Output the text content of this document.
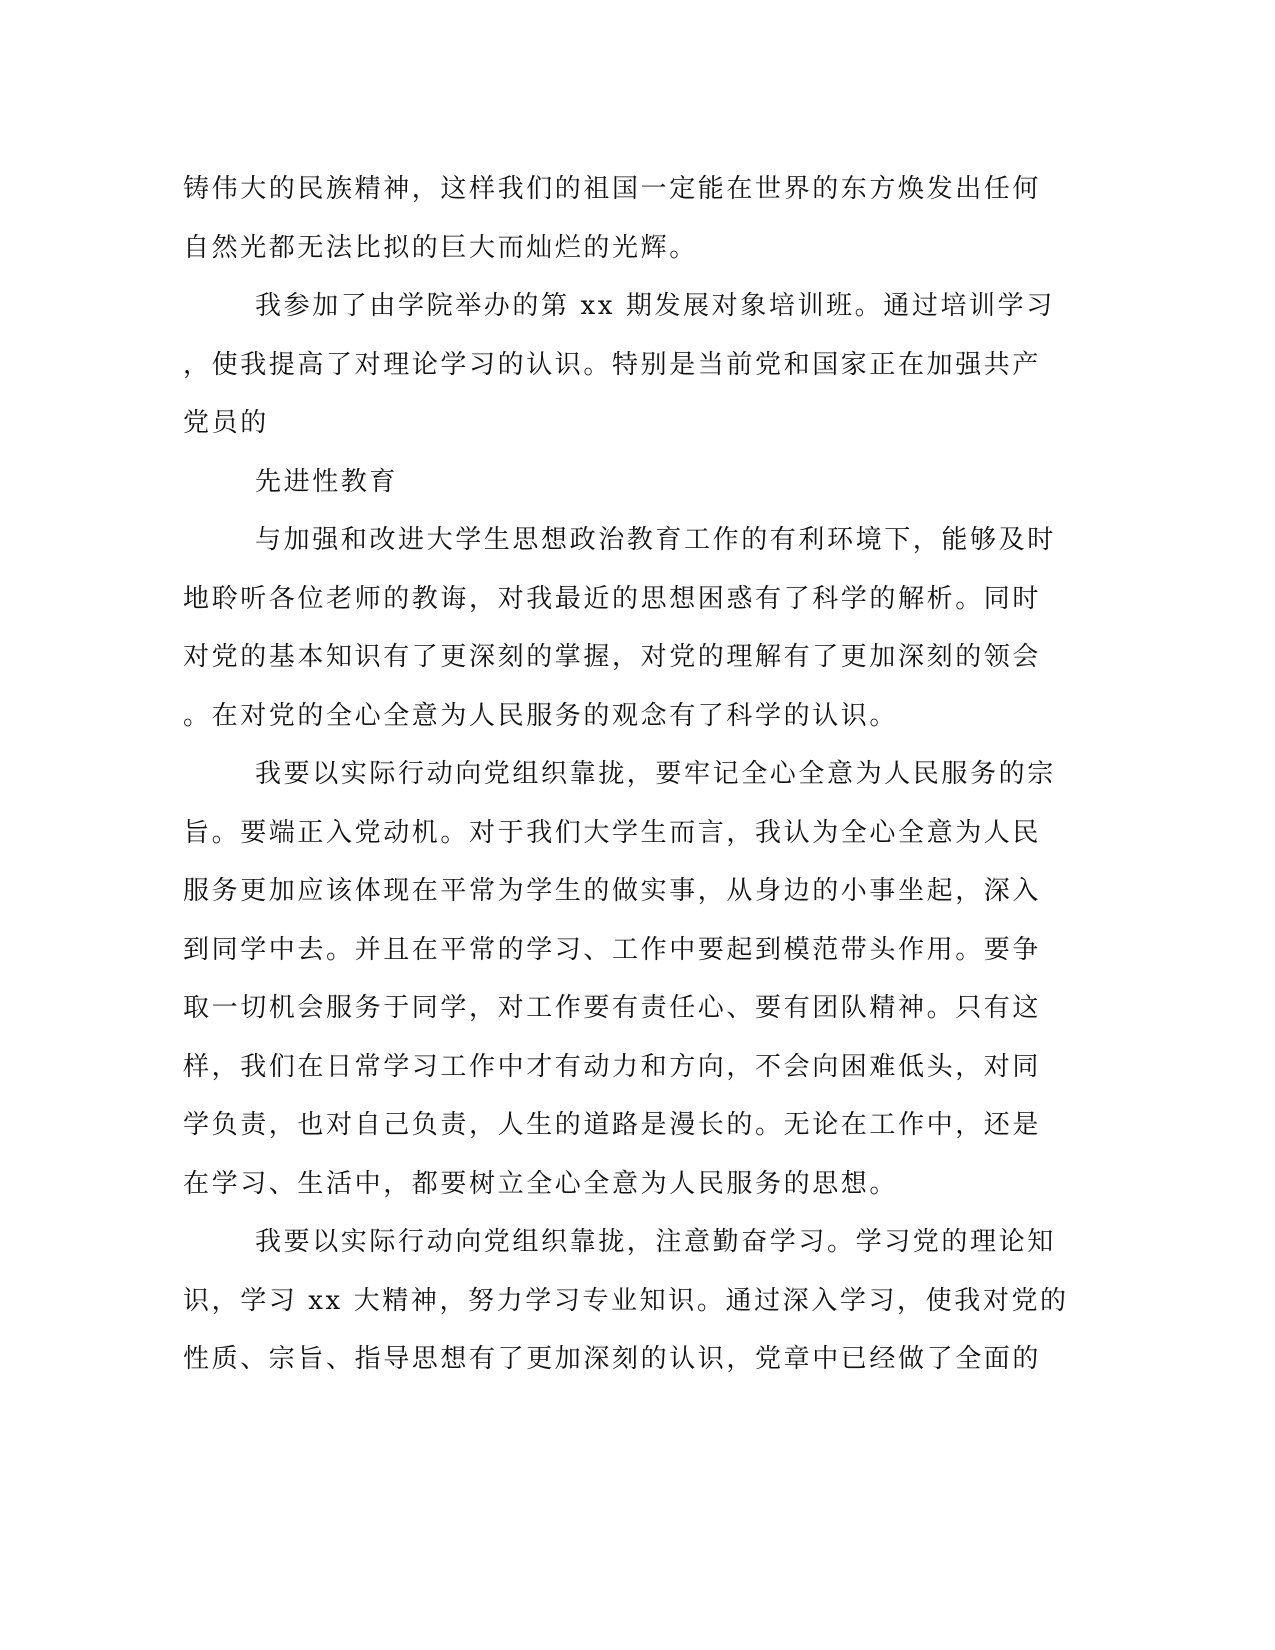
铸伟大的民族精神，这样我们的祖国一定能在世界的东方焕发出任何
自然光都无法比拟的巨大而灿烂的光辉。
我参加了由学院举办的第 xx 期发展对象培训班。通过培训学习
，使我提高了对理论学习的认识。特别是当前党和国家正在加强共产
党员的
先进性教育
与加强和改进大学生思想政治教育工作的有利环境下，能够及时
地聆听各位老师的教诲，对我最近的思想困惑有了科学的解析。同时
对党的基本知识有了更深刻的掌握，对党的理解有了更加深刻的领会
。在对党的全心全意为人民服务的观念有了科学的认识。
我要以实际行动向党组织靠拢，要牢记全心全意为人民服务的宗
旨。要端正入党动机。对于我们大学生而言，我认为全心全意为人民
服务更加应该体现在平常为学生的做实事，从身边的小事坐起，深入
到同学中去。并且在平常的学习、工作中要起到模范带头作用。要争
取一切机会服务于同学，对工作要有责任心、要有团队精神。只有这
样，我们在日常学习工作中才有动力和方向，不会向困难低头，对同
学负责，也对自己负责，人生的道路是漫长的。无论在工作中，还是
在学习、生活中，都要树立全心全意为人民服务的思想。
我要以实际行动向党组织靠拢，注意勤奋学习。学习党的理论知
识，学习 xx 大精神，努力学习专业知识。通过深入学习，使我对党的
性质、宗旨、指导思想有了更加深刻的认识，党章中已经做了全面的
